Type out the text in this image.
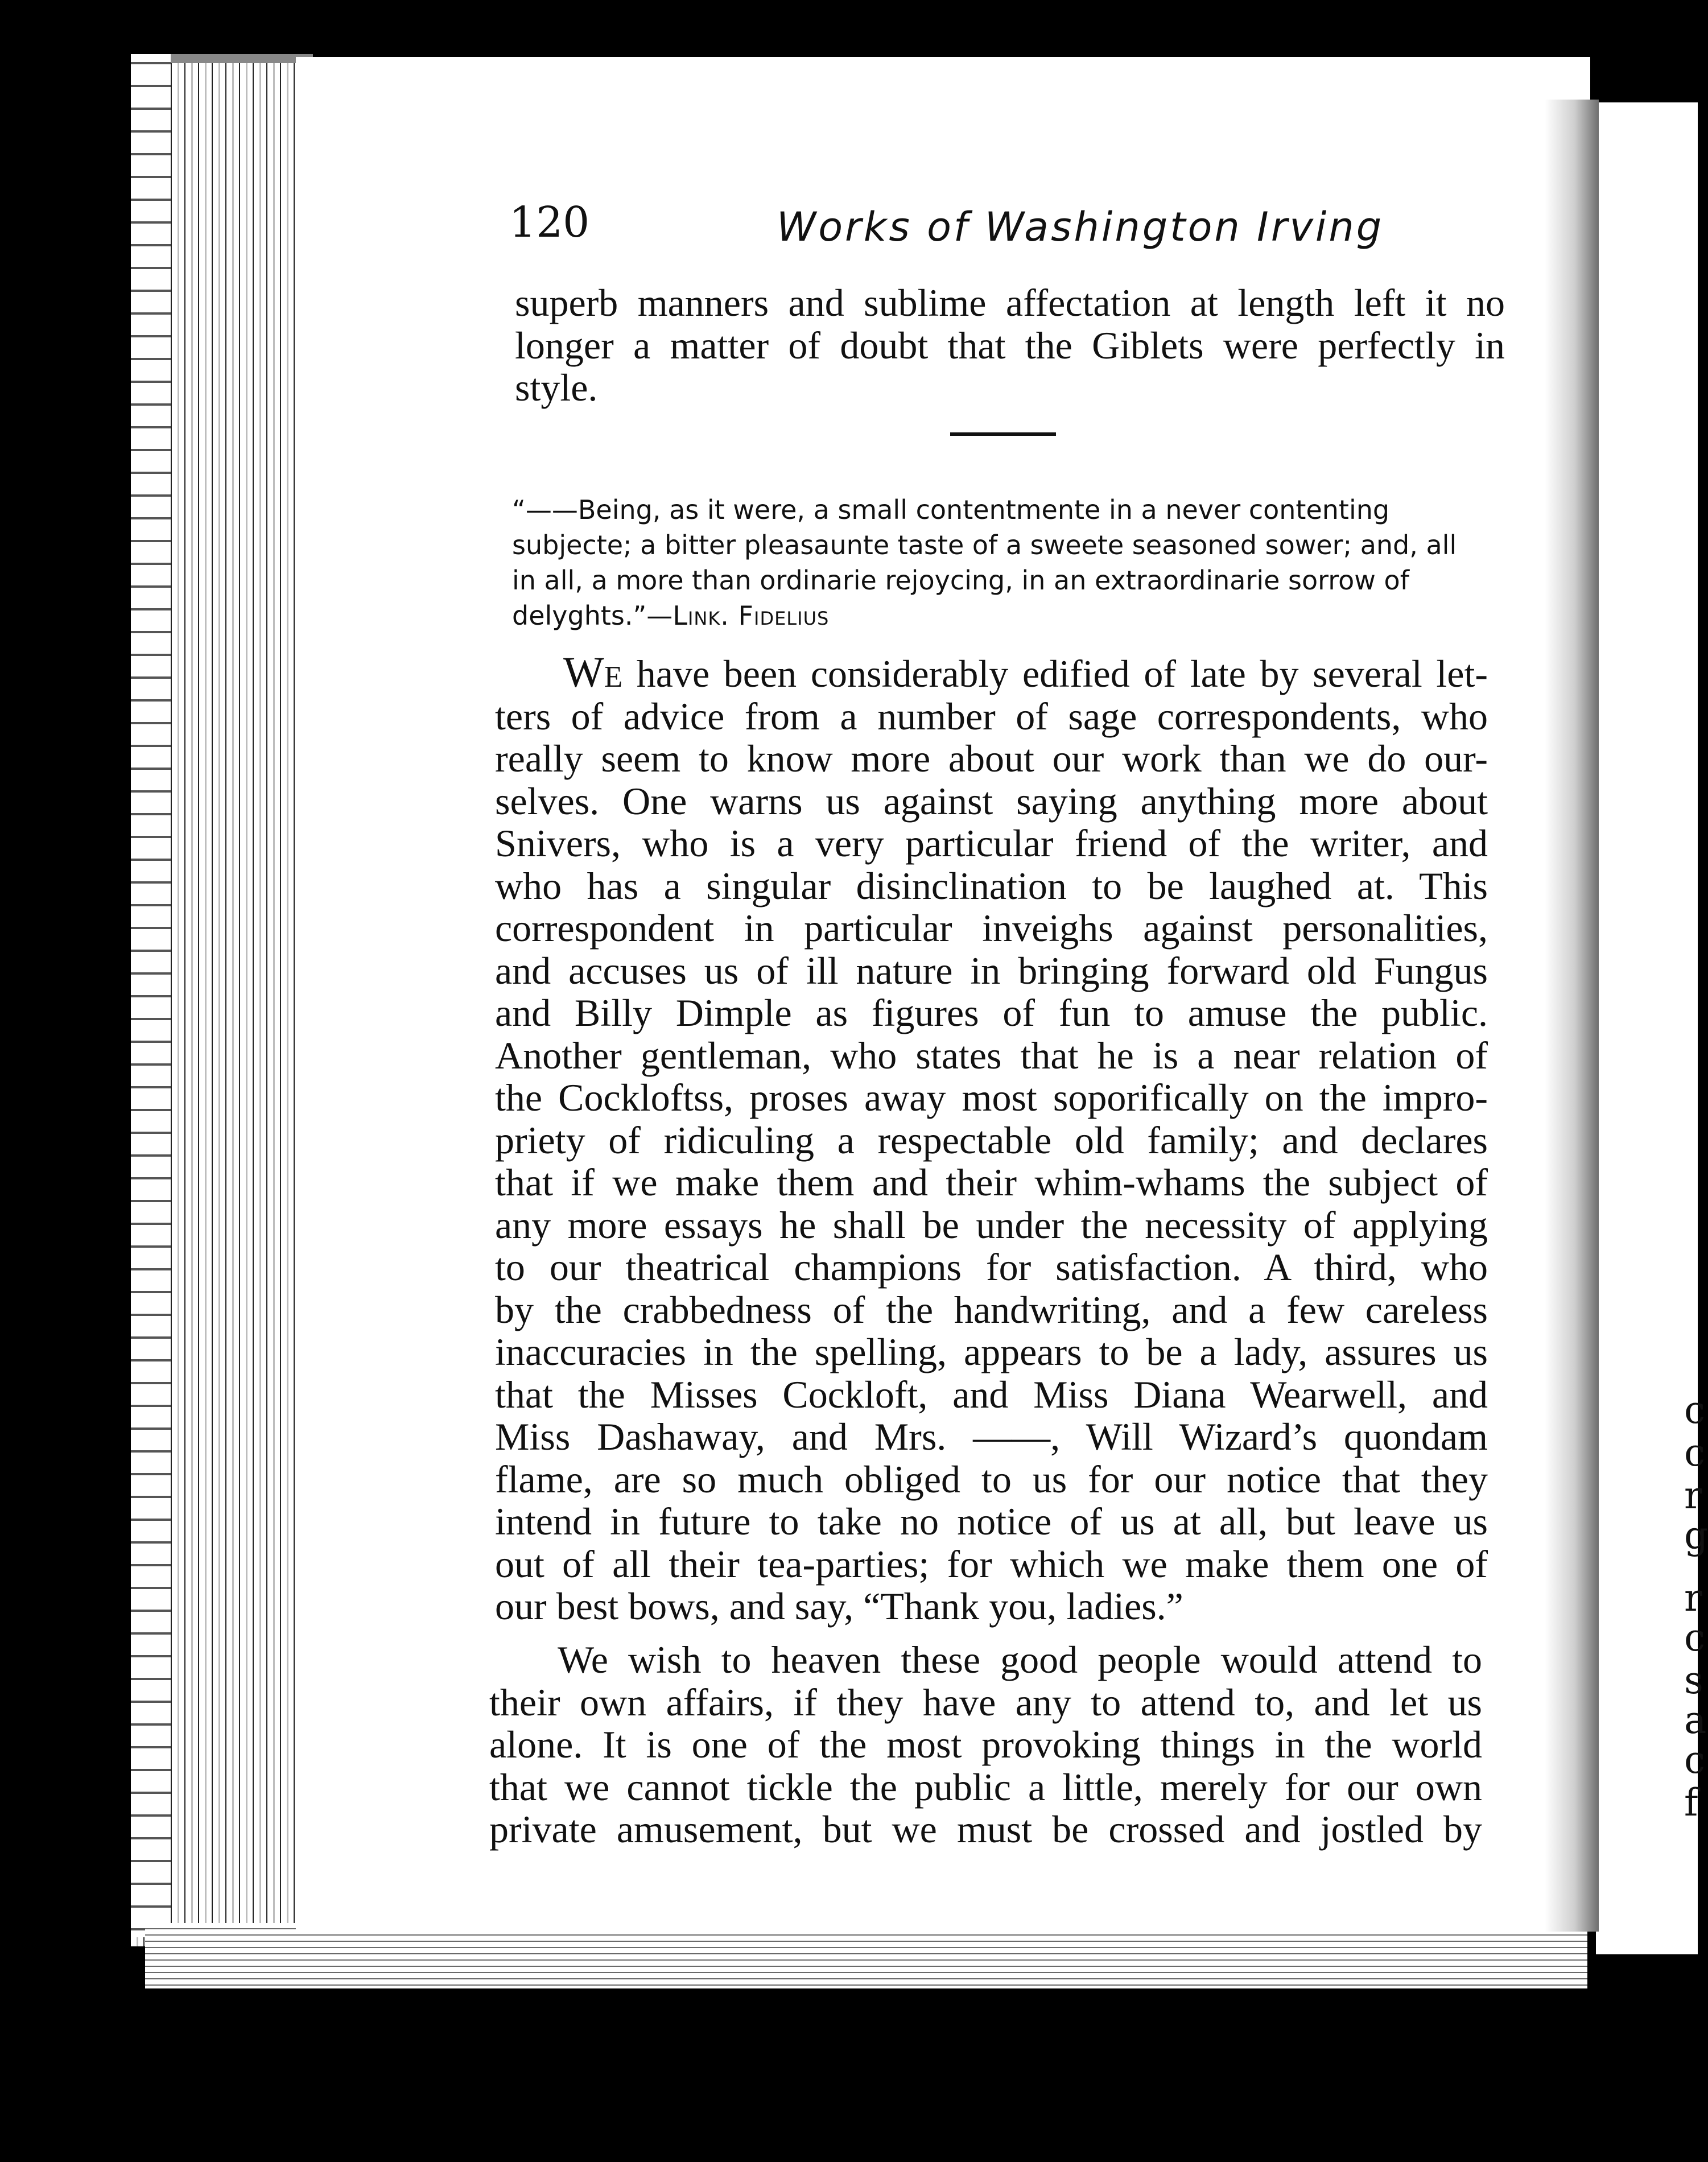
c
c
r
g
r
c
s
a
c
f
120	Works of Washington Irving
superb manners and sublime affectation at length left it no
longer a matter of doubt that the Giblets were perfectly in
style.
“——Being, as it were, a small contentmente in a never contenting
subjecte; a bitter pleasaunte taste of a sweete seasoned sower; and, all
in all, a more than ordinarie rejoycing, in an extraordinarie sorrow of
delyghts.”—Link. Fidelius
We have been considerably edified of late by several let-
ters of advice from a number of sage correspondents, who
really seem to know more about our work than we do our-
selves. One warns us against saying anything more about
Snivers, who is a very particular friend of the writer, and
who has a singular disinclination to be laughed at. This
correspondent in particular inveighs against personalities,
and accuses us of ill nature in bringing forward old Fungus
and Billy Dimple as figures of fun to amuse the public.
Another gentleman, who states that he is a near relation of
the Cockloftss, proses away most soporifically on the impro-
priety of ridiculing a respectable old family; and declares
that if we make them and their whim-whams the subject of
any more essays he shall be under the necessity of applying
to our theatrical champions for satisfaction. A third, who
by the crabbedness of the handwriting, and a few careless
inaccuracies in the spelling, appears to be a lady, assures us
that the Misses Cockloft, and Miss Diana Wearwell, and
Miss Dashaway, and Mrs. ——, Will Wizard’s quondam
flame, are so much obliged to us for our notice that they
intend in future to take no notice of us at all, but leave us
out of all their tea-parties; for which we make them one of
our best bows, and say, “Thank you, ladies.”
We wish to heaven these good people would attend to
their own affairs, if they have any to attend to, and let us
alone. It is one of the most provoking things in the world
that we cannot tickle the public a little, merely for our own
private amusement, but we must be crossed and jostled by
